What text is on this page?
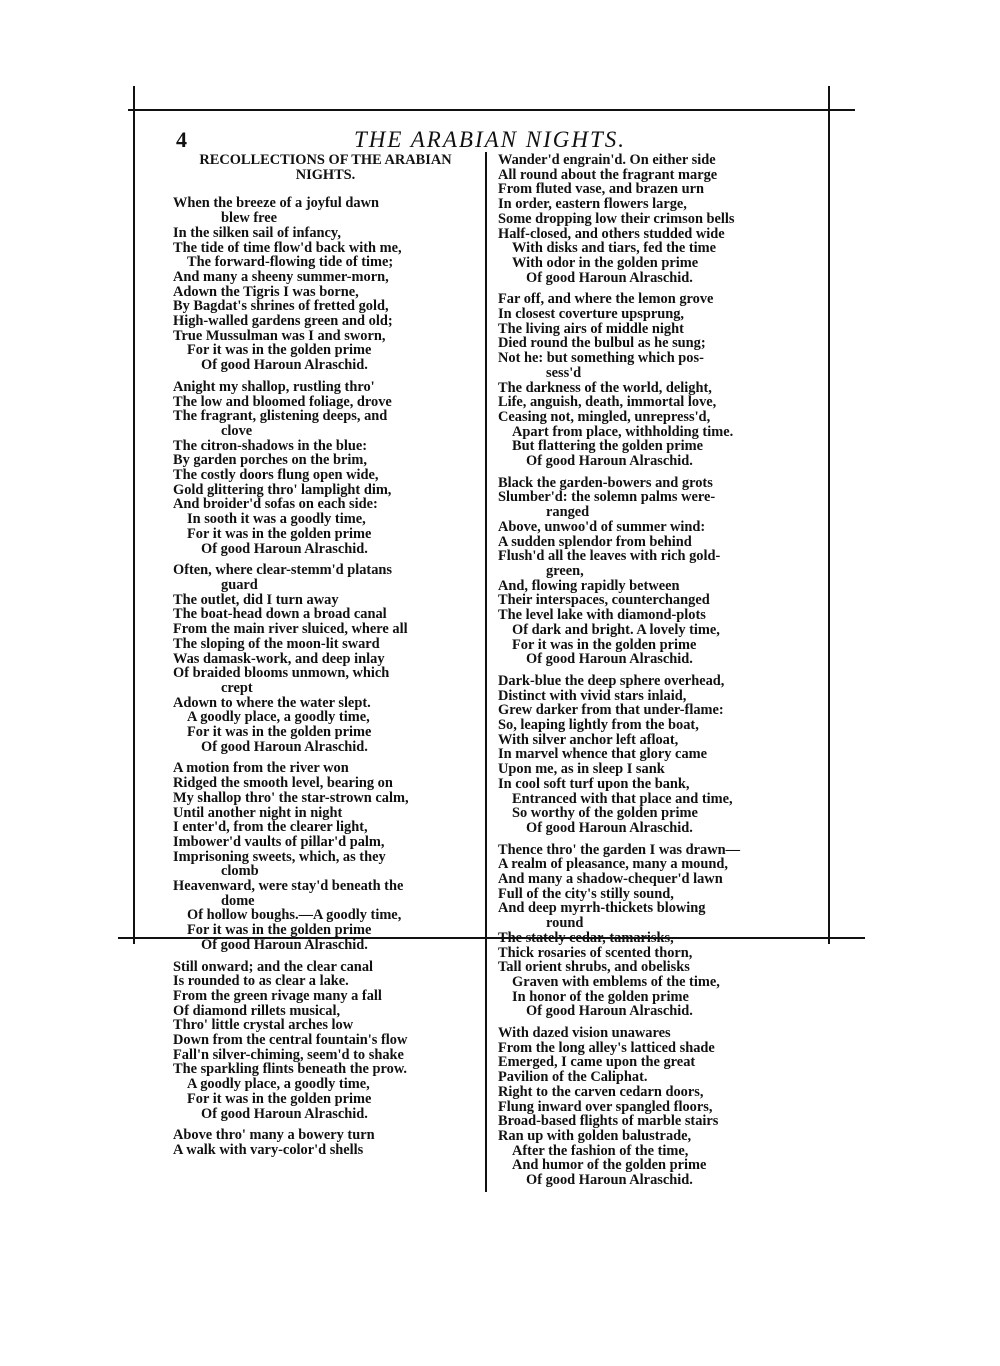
4	THE ARABIAN NIGHTS.
RECOLLECTIONS OF THE ARABIAN NIGHTS.
When the breeze of a joyful dawn
blew free
In the silken sail of infancy,
The tide of time flow'd back with me,
The forward-flowing tide of time;
And many a sheeny summer-morn,
Adown the Tigris I was borne,
By Bagdat's shrines of fretted gold,
High-walled gardens green and old;
True Mussulman was I and sworn,
For it was in the golden prime
Of good Haroun Alraschid.
Anight my shallop, rustling thro'
The low and bloomed foliage, drove
The fragrant, glistening deeps, and
clove
The citron-shadows in the blue:
By garden porches on the brim,
The costly doors flung open wide,
Gold glittering thro' lamplight dim,
And broider'd sofas on each side:
In sooth it was a goodly time,
For it was in the golden prime
Of good Haroun Alraschid.
Often, where clear-stemm'd platans
guard
The outlet, did I turn away
The boat-head down a broad canal
From the main river sluiced, where all
The sloping of the moon-lit sward
Was damask-work, and deep inlay
Of braided blooms unmown, which
crept
Adown to where the water slept.
A goodly place, a goodly time,
For it was in the golden prime
Of good Haroun Alraschid.
A motion from the river won
Ridged the smooth level, bearing on
My shallop thro' the star-strown calm,
Until another night in night
I enter'd, from the clearer light,
Imbower'd vaults of pillar'd palm,
Imprisoning sweets, which, as they
clomb
Heavenward, were stay'd beneath the
dome
Of hollow boughs.—A goodly time,
For it was in the golden prime
Of good Haroun Alraschid.
Still onward; and the clear canal
Is rounded to as clear a lake.
From the green rivage many a fall
Of diamond rillets musical,
Thro' little crystal arches low
Down from the central fountain's flow
Fall'n silver-chiming, seem'd to shake
The sparkling flints beneath the prow.
A goodly place, a goodly time,
For it was in the golden prime
Of good Haroun Alraschid.
Above thro' many a bowery turn
A walk with vary-color'd shells
Wander'd engrain'd. On either side
All round about the fragrant marge
From fluted vase, and brazen urn
In order, eastern flowers large,
Some dropping low their crimson bells
Half-closed, and others studded wide
With disks and tiars, fed the time
With odor in the golden prime
Of good Haroun Alraschid.
Far off, and where the lemon grove
In closest coverture upsprung,
The living airs of middle night
Died round the bulbul as he sung;
Not he: but something which pos-
sess'd
The darkness of the world, delight,
Life, anguish, death, immortal love,
Ceasing not, mingled, unrepress'd,
Apart from place, withholding time.
But flattering the golden prime
Of good Haroun Alraschid.
Black the garden-bowers and grots
Slumber'd: the solemn palms were-
ranged
Above, unwoo'd of summer wind:
A sudden splendor from behind
Flush'd all the leaves with rich gold-
green,
And, flowing rapidly between
Their interspaces, counterchanged
The level lake with diamond-plots
Of dark and bright. A lovely time,
For it was in the golden prime
Of good Haroun Alraschid.
Dark-blue the deep sphere overhead,
Distinct with vivid stars inlaid,
Grew darker from that under-flame:
So, leaping lightly from the boat,
With silver anchor left afloat,
In marvel whence that glory came
Upon me, as in sleep I sank
In cool soft turf upon the bank,
Entranced with that place and time,
So worthy of the golden prime
Of good Haroun Alraschid.
Thence thro' the garden I was drawn—
A realm of pleasance, many a mound,
And many a shadow-chequer'd lawn
Full of the city's stilly sound,
And deep myrrh-thickets blowing
round
The stately cedar, tamarisks,
Thick rosaries of scented thorn,
Tall orient shrubs, and obelisks
Graven with emblems of the time,
In honor of the golden prime
Of good Haroun Alraschid.
With dazed vision unawares
From the long alley's latticed shade
Emerged, I came upon the great
Pavilion of the Caliphat.
Right to the carven cedarn doors,
Flung inward over spangled floors,
Broad-based flights of marble stairs
Ran up with golden balustrade,
After the fashion of the time,
And humor of the golden prime
Of good Haroun Alraschid.
